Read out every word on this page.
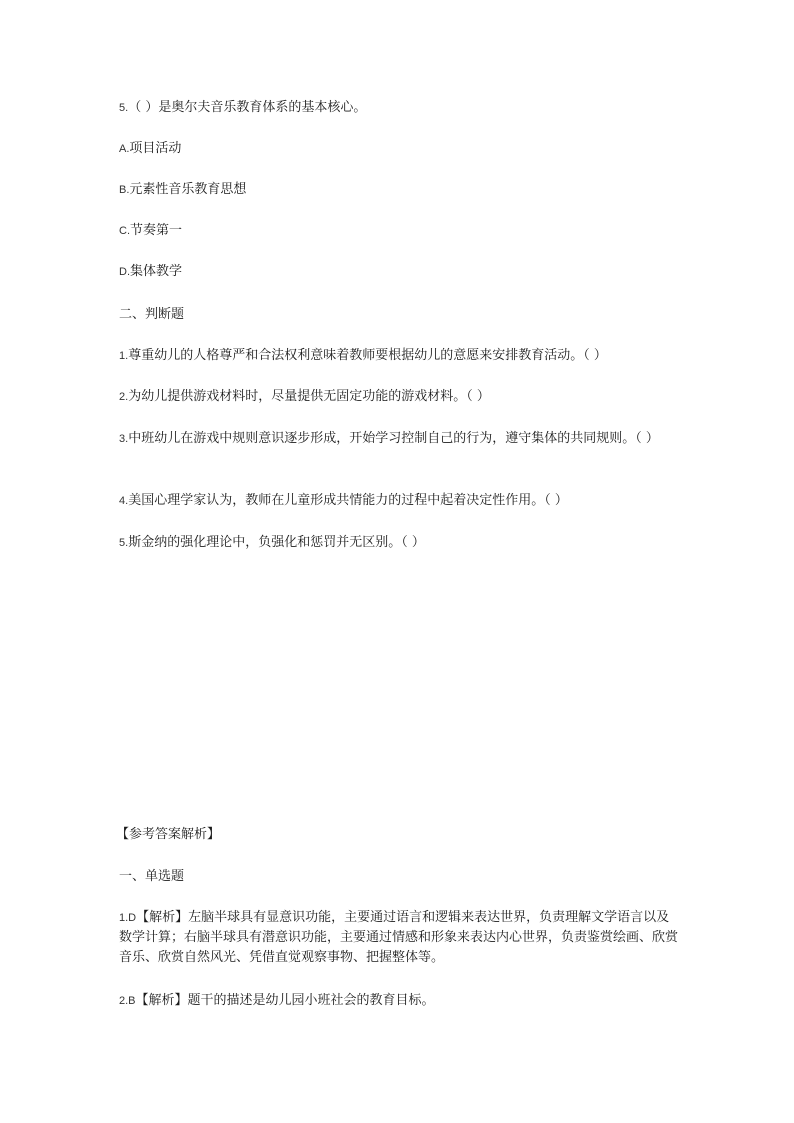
5.（ ）是奥尔夫音乐教育体系的基本核心。
A.项目活动
B.元素性音乐教育思想
C.节奏第一
D.集体教学
二、判断题
1.尊重幼儿的人格尊严和合法权利意味着教师要根据幼儿的意愿来安排教育活动。（ ）
2.为幼儿提供游戏材料时，尽量提供无固定功能的游戏材料。（ ）
3.中班幼儿在游戏中规则意识逐步形成，开始学习控制自己的行为，遵守集体的共同规则。（ ）
4.美国心理学家认为，教师在儿童形成共情能力的过程中起着决定性作用。（ ）
5.斯金纳的强化理论中，负强化和惩罚并无区别。（ ）
【参考答案解析】
一、单选题
1.D【解析】左脑半球具有显意识功能，主要通过语言和逻辑来表达世界，负责理解文学语言以及数学计算；右脑半球具有潜意识功能，主要通过情感和形象来表达内心世界，负责鉴赏绘画、欣赏音乐、欣赏自然风光、凭借直觉观察事物、把握整体等。
2.B【解析】题干的描述是幼儿园小班社会的教育目标。
